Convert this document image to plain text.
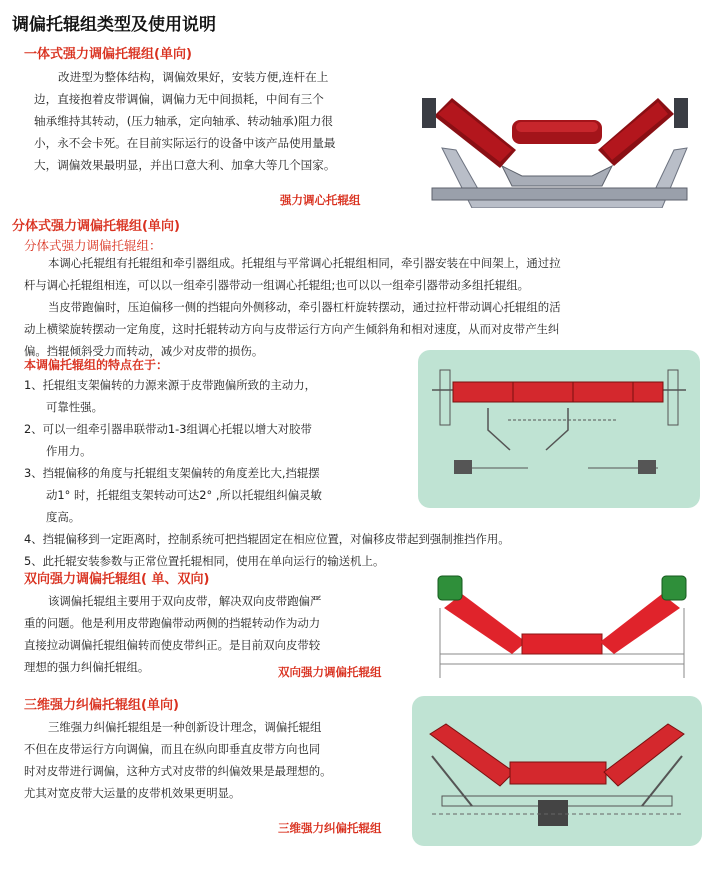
调偏托辊组类型及使用说明
一体式强力调偏托辊组(单向)
改进型为整体结构，调偏效果好，安装方便,连杆在上
边，直接抱着皮带调偏，调偏力无中间损耗，中间有三个
轴承维持其转动，(压力轴承，定向轴承、转动轴承)阻力很
小，永不会卡死。在目前实际运行的设备中该产品使用量最
大，调偏效果最明显，并出口意大利、加拿大等几个国家。
强力调心托辊组
分体式强力调偏托辊组(单向)
分体式强力调偏托辊组：
本调心托辊组有托辊组和牵引器组成。托辊组与平常调心托辊组相同，牵引器安装在中间架上，通过拉
杆与调心托辊组相连，可以以一组牵引器带动一组调心托辊组;也可以以一组牵引器带动多组托辊组。
当皮带跑偏时，压迫偏移一侧的挡辊向外侧移动，牵引器杠杆旋转摆动，通过拉杆带动调心托辊组的活
动上横梁旋转摆动一定角度，这时托辊转动方向与皮带运行方向产生倾斜角和相对速度，从而对皮带产生纠
偏。挡辊倾斜受力而转动，减少对皮带的损伤。
本调偏托辊组的特点在于：
1、托辊组支架偏转的力源来源于皮带跑偏所致的主动力，
可靠性强。
2、可以一组牵引器串联带动1-3组调心托辊以增大对胶带
作用力。
3、挡辊偏移的角度与托辊组支架偏转的角度差比大,挡辊摆
动1° 时，托辊组支架转动可达2° ,所以托辊组纠偏灵敏
度高。
4、挡辊偏移到一定距离时，控制系统可把挡辊固定在相应位置，对偏移皮带起到强制推挡作用。
5、此托辊安装参数与正常位置托辊相同，使用在单向运行的输送机上。
双向强力调偏托辊组( 单、双向)
该调偏托辊组主要用于双向皮带，解决双向皮带跑偏严
重的问题。他是利用皮带跑偏带动两侧的挡辊转动作为动力
直接拉动调偏托辊组偏转而使皮带纠正。是目前双向皮带较
理想的强力纠偏托辊组。	双向强力调偏托辊组
三维强力纠偏托辊组(单向)
三维强力纠偏托辊组是一种创新设计理念，调偏托辊组
不但在皮带运行方向调偏，而且在纵向即垂直皮带方向也同
时对皮带进行调偏，这种方式对皮带的纠偏效果是最理想的。
尤其对宽皮带大运量的皮带机效果更明显。
三维强力纠偏托辊组
